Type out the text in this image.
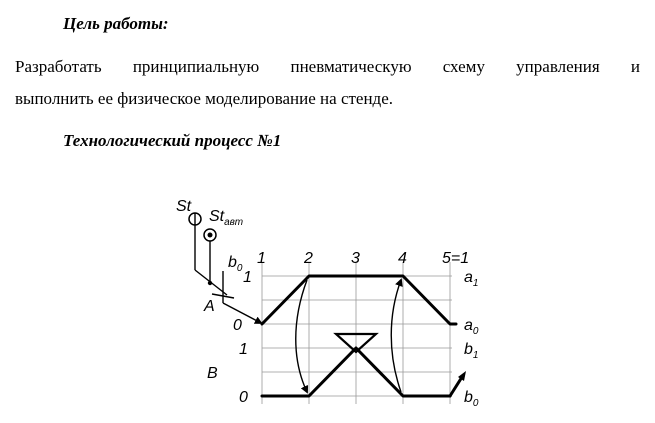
Цель работы:

Разработать принципиальную пневматическую схему управления и

выполнить ее физическое моделирование на стенде.

Технологический процесс №1

1 2 3 4 5=1
1
0
A
$a_1$
$a_0$
1
0
B
$b_1$
$b_0$
St
$St_{авт}$
$b_0$
